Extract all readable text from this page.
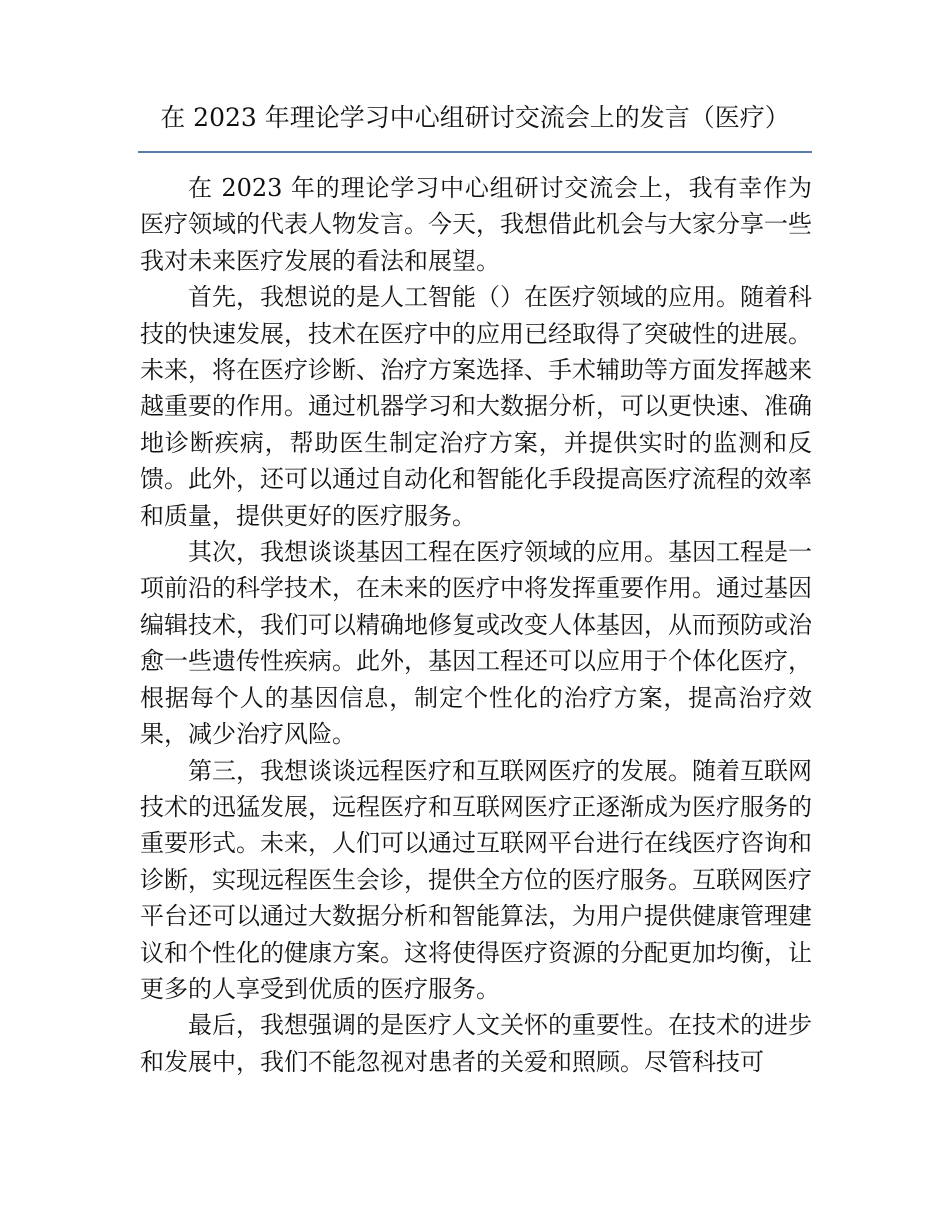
在 2023 年理论学习中心组研讨交流会上的发言（医疗）

在 2023 年的理论学习中心组研讨交流会上，我有幸作为医疗领域的代表人物发言。今天，我想借此机会与大家分享一些我对未来医疗发展的看法和展望。

首先，我想说的是人工智能（）在医疗领域的应用。随着科技的快速发展，技术在医疗中的应用已经取得了突破性的进展。未来，将在医疗诊断、治疗方案选择、手术辅助等方面发挥越来越重要的作用。通过机器学习和大数据分析，可以更快速、准确地诊断疾病，帮助医生制定治疗方案，并提供实时的监测和反馈。此外，还可以通过自动化和智能化手段提高医疗流程的效率和质量，提供更好的医疗服务。

其次，我想谈谈基因工程在医疗领域的应用。基因工程是一项前沿的科学技术，在未来的医疗中将发挥重要作用。通过基因编辑技术，我们可以精确地修复或改变人体基因，从而预防或治愈一些遗传性疾病。此外，基因工程还可以应用于个体化医疗，根据每个人的基因信息，制定个性化的治疗方案，提高治疗效果，减少治疗风险。

第三，我想谈谈远程医疗和互联网医疗的发展。随着互联网技术的迅猛发展，远程医疗和互联网医疗正逐渐成为医疗服务的重要形式。未来，人们可以通过互联网平台进行在线医疗咨询和诊断，实现远程医生会诊，提供全方位的医疗服务。互联网医疗平台还可以通过大数据分析和智能算法，为用户提供健康管理建议和个性化的健康方案。这将使得医疗资源的分配更加均衡，让更多的人享受到优质的医疗服务。

最后，我想强调的是医疗人文关怀的重要性。在技术的进步和发展中，我们不能忽视对患者的关爱和照顾。尽管科技可
